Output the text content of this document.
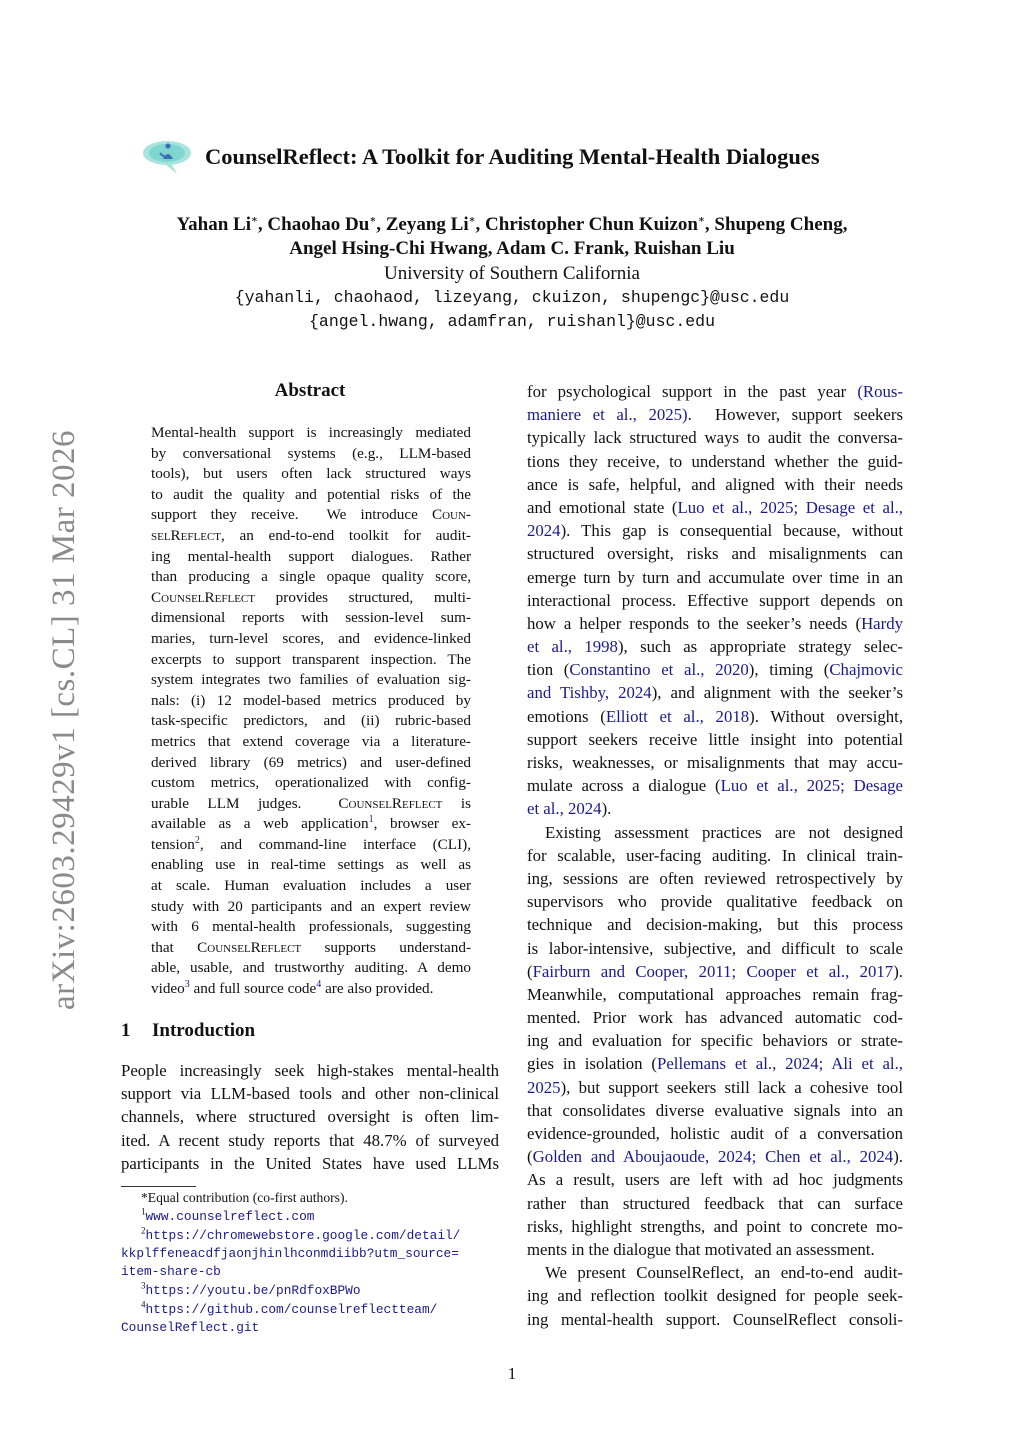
arXiv:2603.29429v1 [cs.CL] 31 Mar 2026
CounselReflect: A Toolkit for Auditing Mental-Health Dialogues
Yahan Li∗, Chaohao Du∗, Zeyang Li∗, Christopher Chun Kuizon∗, Shupeng Cheng,
Angel Hsing-Chi Hwang, Adam C. Frank, Ruishan Liu
University of Southern California
{yahanli, chaohaod, lizeyang, ckuizon, shupengc}@usc.edu
{angel.hwang, adamfran, ruishanl}@usc.edu
Abstract
Mental-health support is increasingly mediated
by conversational systems (e.g., LLM-based
tools), but users often lack structured ways
to audit the quality and potential risks of the
support they receive.  We introduce Coun-
selReflect, an end-to-end toolkit for audit-
ing mental-health support dialogues. Rather
than producing a single opaque quality score,
CounselReflect provides structured, multi-
dimensional reports with session-level sum-
maries, turn-level scores, and evidence-linked
excerpts to support transparent inspection. The
system integrates two families of evaluation sig-
nals: (i) 12 model-based metrics produced by
task-specific predictors, and (ii) rubric-based
metrics that extend coverage via a literature-
derived library (69 metrics) and user-defined
custom metrics, operationalized with config-
urable LLM judges.  CounselReflect is
available as a web application$^1$, browser ex-
tension$^2$, and command-line interface (CLI),
enabling use in real-time settings as well as
at scale. Human evaluation includes a user
study with 20 participants and an expert review
with 6 mental-health professionals, suggesting
that CounselReflect supports understand-
able, usable, and trustworthy auditing. A demo
video$^3$ and full source code$^4$ are also provided.
1 Introduction
People increasingly seek high-stakes mental-health
support via LLM-based tools and other non-clinical
channels, where structured oversight is often lim-
ited. A recent study reports that 48.7% of surveyed
participants in the United States have used LLMs
*Equal contribution (co-first authors).
$^1$www.counselreflect.com
$^2$https://chromewebstore.google.com/detail/
kkplffeneacdfjaonjhinlhconmdiibb?utm_source=
item-share-cb
$^3$https://youtu.be/pnRdfoxBPWo
$^4$https://github.com/counselreflectteam/
CounselReflect.git
for psychological support in the past year (Rous-
maniere et al., 2025).  However, support seekers
typically lack structured ways to audit the conversa-
tions they receive, to understand whether the guid-
ance is safe, helpful, and aligned with their needs
and emotional state (Luo et al., 2025; Desage et al.,
2024). This gap is consequential because, without
structured oversight, risks and misalignments can
emerge turn by turn and accumulate over time in an
interactional process. Effective support depends on
how a helper responds to the seeker’s needs (Hardy
et al., 1998), such as appropriate strategy selec-
tion (Constantino et al., 2020), timing (Chajmovic
and Tishby, 2024), and alignment with the seeker’s
emotions (Elliott et al., 2018). Without oversight,
support seekers receive little insight into potential
risks, weaknesses, or misalignments that may accu-
mulate across a dialogue (Luo et al., 2025; Desage
et al., 2024).
Existing assessment practices are not designed
for scalable, user-facing auditing. In clinical train-
ing, sessions are often reviewed retrospectively by
supervisors who provide qualitative feedback on
technique and decision-making, but this process
is labor-intensive, subjective, and difficult to scale
(Fairburn and Cooper, 2011; Cooper et al., 2017).
Meanwhile, computational approaches remain frag-
mented. Prior work has advanced automatic cod-
ing and evaluation for specific behaviors or strate-
gies in isolation (Pellemans et al., 2024; Ali et al.,
2025), but support seekers still lack a cohesive tool
that consolidates diverse evaluative signals into an
evidence-grounded, holistic audit of a conversation
(Golden and Aboujaoude, 2024; Chen et al., 2024).
As a result, users are left with ad hoc judgments
rather than structured feedback that can surface
risks, highlight strengths, and point to concrete mo-
ments in the dialogue that motivated an assessment.
We present CounselReflect, an end-to-end audit-
ing and reflection toolkit designed for people seek-
ing mental-health support. CounselReflect consoli-
1
